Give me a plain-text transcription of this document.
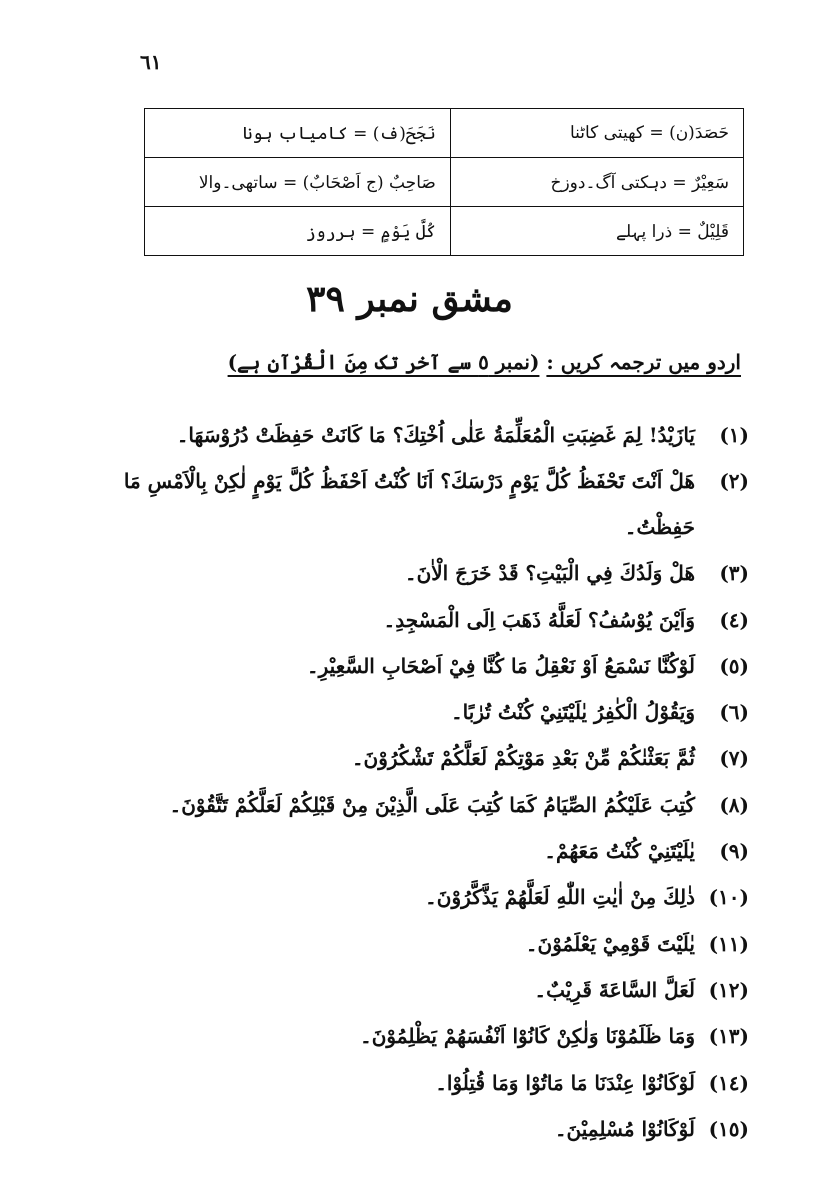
٦١
حَصَدَ(ن) = کھیتی کاٹنا	نَجَحَ(ف) = کامیاب ہونا
سَعِيْرٌ = دہکتی آگ۔دوزخ	صَاحِبٌ (ج اَصْحَابٌ) = ساتھی۔والا
قَلِيْلٌ = ذرا پہلے	كُلَّ يَوْمٍ = ہرروز
مشق نمبر ٣٩
اردو میں ترجمہ کریں : (نمبر ٥ سے آخر تک مِنَ الْقُرْآن ہے)
(١)
يَازَيْدُ! لِمَ غَضِبَتِ الْمُعَلِّمَةُ عَلٰى اُخْتِكَ؟ مَا كَانَتْ حَفِظَتْ دُرُوْسَهَا۔
(٢)
هَلْ اَنْتَ تَحْفَظُ كُلَّ يَوْمٍ دَرْسَكَ؟ اَنَا كُنْتُ اَحْفَظُ كُلَّ يَوْمٍ لٰكِنْ بِالْاَمْسِ مَا حَفِظْتُ۔
(٣)
هَلْ وَلَدُكَ فِي الْبَيْتِ؟ قَدْ خَرَجَ الْاٰنَ۔
(٤)
وَاَيْنَ يُوْسُفُ؟ لَعَلَّهُ ذَهَبَ اِلَى الْمَسْجِدِ۔
(٥)
لَوْكُنَّا نَسْمَعُ اَوْ نَعْقِلُ مَا كُنَّا فِيْ اَصْحَابِ السَّعِيْرِ۔
(٦)
وَيَقُوْلُ الْكٰفِرُ يٰلَيْتَنِيْ كُنْتُ تُرٰبًا۔
(٧)
ثُمَّ بَعَثْنٰكُمْ مِّنْ بَعْدِ مَوْتِكُمْ لَعَلَّكُمْ تَشْكُرُوْنَ۔
(٨)
كُتِبَ عَلَيْكُمُ الصِّيَامُ كَمَا كُتِبَ عَلَى الَّذِيْنَ مِنْ قَبْلِكُمْ لَعَلَّكُمْ تَتَّقُوْنَ۔
(٩)
يٰلَيْتَنِيْ كُنْتُ مَعَهُمْ۔
(١٠)
ذٰلِكَ مِنْ اٰيٰتِ اللّٰهِ لَعَلَّهُمْ يَذَّكَّرُوْنَ۔
(١١)
يٰلَيْتَ قَوْمِيْ يَعْلَمُوْنَ۔
(١٢)
لَعَلَّ السَّاعَةَ قَرِيْبٌ۔
(١٣)
وَمَا ظَلَمُوْنَا وَلٰكِنْ كَانُوْا اَنْفُسَهُمْ يَظْلِمُوْنَ۔
(١٤)
لَوْكَانُوْا عِنْدَنَا مَا مَاتُوْا وَمَا قُتِلُوْا۔
(١٥)
لَوْكَانُوْا مُسْلِمِيْنَ۔
